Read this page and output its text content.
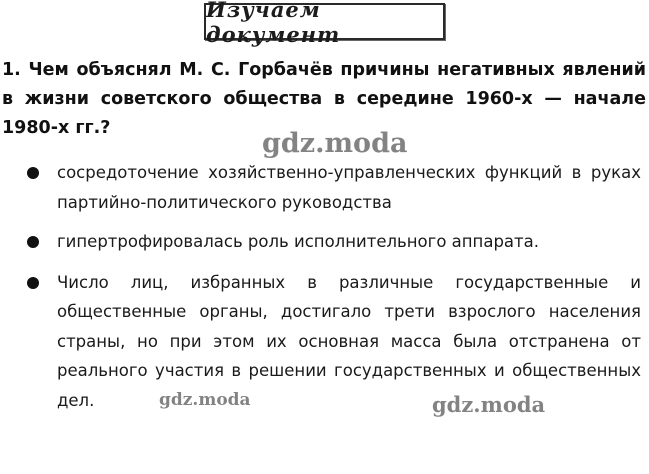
Изучаем документ
1. Чем объяснял М. С. Горбачёв причины негативных явлений в жизни советского общества в середине 1960-х — начале 1980-х гг.?
сосредоточение хозяйственно-управленческих функций в руках партийно-политического руководства
гипертрофировалась роль исполнительного аппарата.
Число лиц, избранных в различные государственные и общественные органы, достигало трети взрослого населения страны, но при этом их основная масса была отстранена от реального участия в решении государственных и общественных дел.
gdz.moda
gdz.moda	gdz.moda
